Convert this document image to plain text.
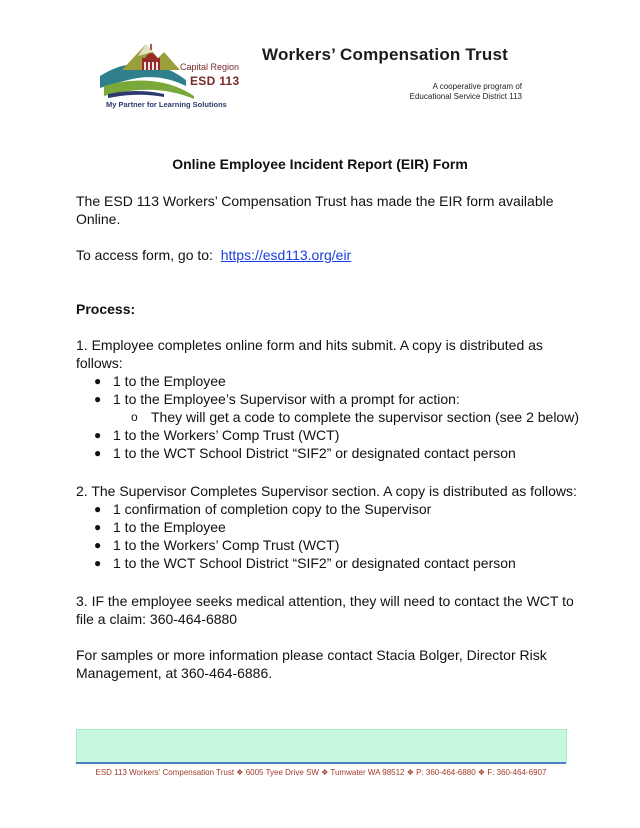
Capital Region
ESD 113
My Partner for Learning Solutions
Workers’ Compensation Trust
A cooperative program of
Educational Service District 113
Online Employee Incident Report (EIR) Form
The ESD 113 Workers’ Compensation Trust has made the EIR form available
Online.
To access form, go to: https://esd113.org/eir
Process:
1. Employee completes online form and hits submit. A copy is distributed as
follows:
● 1 to the Employee
● 1 to the Employee’s Supervisor with a prompt for action:
o They will get a code to complete the supervisor section (see 2 below)
● 1 to the Workers’ Comp Trust (WCT)
● 1 to the WCT School District “SIF2” or designated contact person
2. The Supervisor Completes Supervisor section. A copy is distributed as follows:
● 1 confirmation of completion copy to the Supervisor
● 1 to the Employee
● 1 to the Workers’ Comp Trust (WCT)
● 1 to the WCT School District “SIF2” or designated contact person
3. IF the employee seeks medical attention, they will need to contact the WCT to
file a claim: 360-464-6880
For samples or more information please contact Stacia Bolger, Director Risk
Management, at 360-464-6886.
ESD 113 Workers’ Compensation Trust ❖ 6005 Tyee Drive SW ❖ Tumwater WA 98512 ❖ P: 360-464-6880 ❖ F: 360-464-6907
